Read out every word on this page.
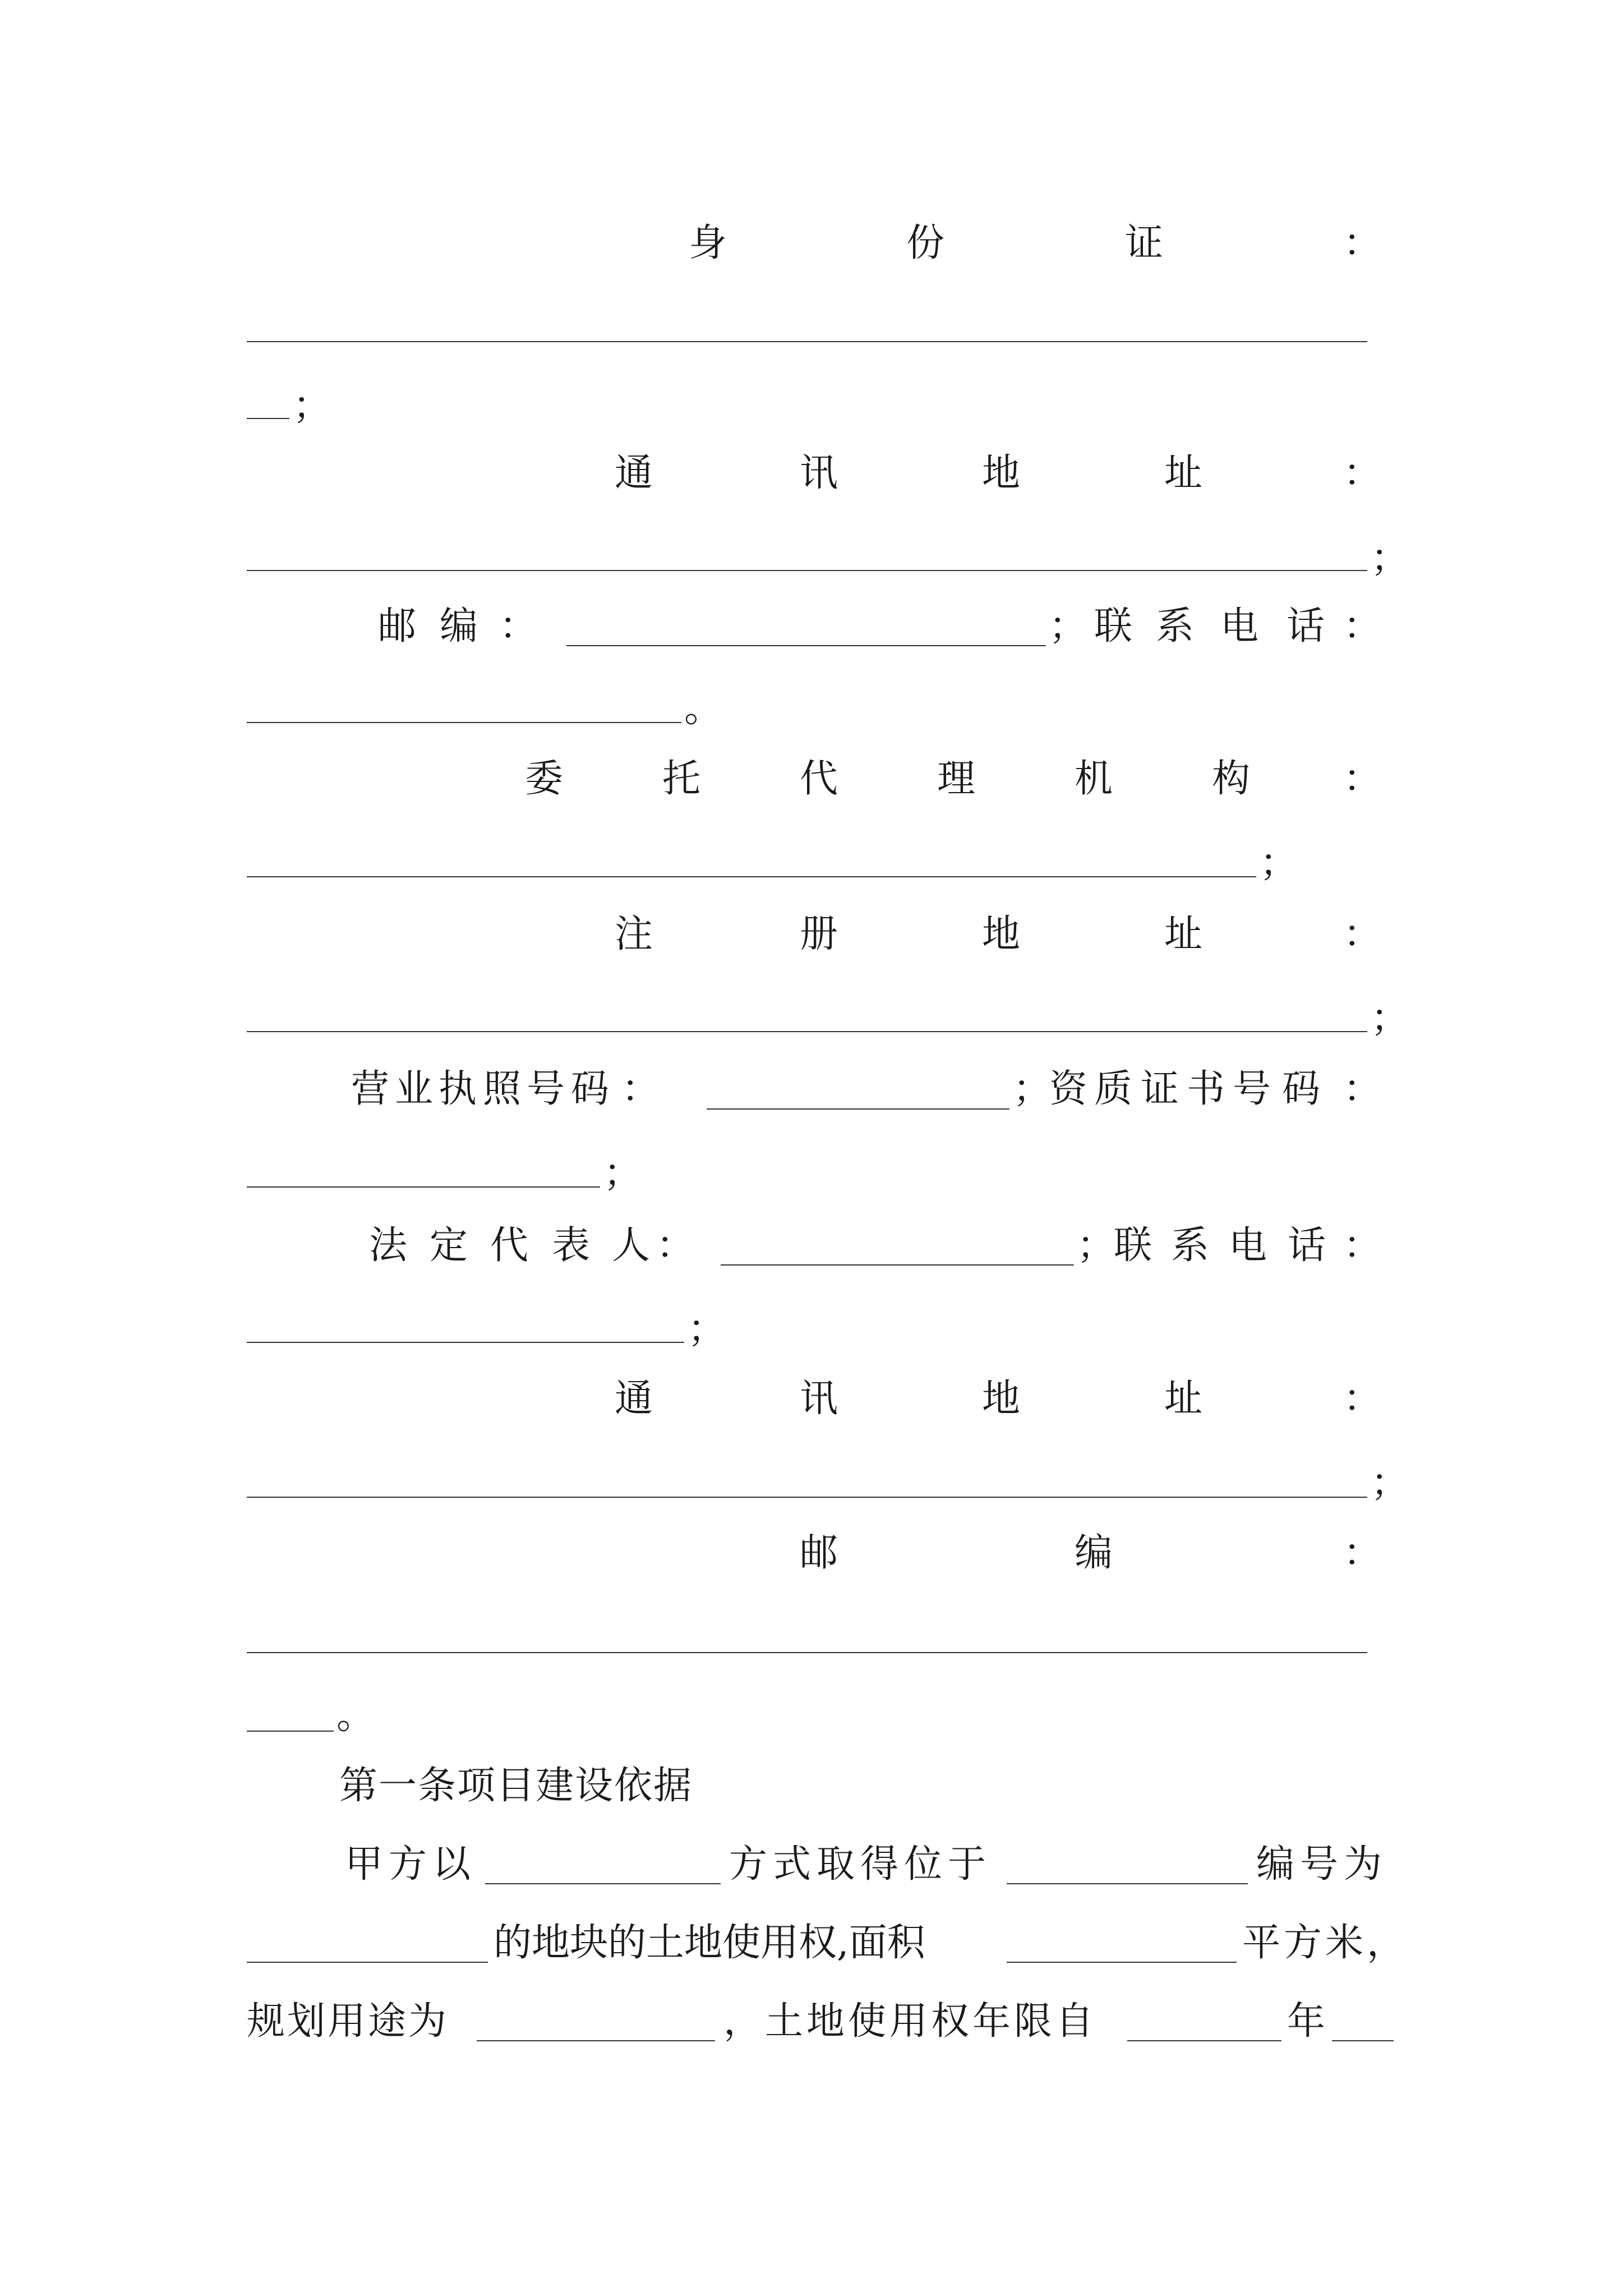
身	份	证	：
；
通	讯	地	址	：
；
邮 编 ：	； 联 系 电 话 ：
。
委	托	代	理	机	构 ：
；
注	册	地	址	：
；
营 业 执 照 号 码 ：	；
资 质 证 书 号 码 ：
；
法 定 代 表 人 ：	；
联 系 电 话 ：
；
通	讯	地	址	：
；
邮	编	：
。
第一条项目建设依据
甲方以	方式取得位于	编号为
的地块的土地使用权,面积	平方米，
规划用途为	，土地使用权年限自	年
